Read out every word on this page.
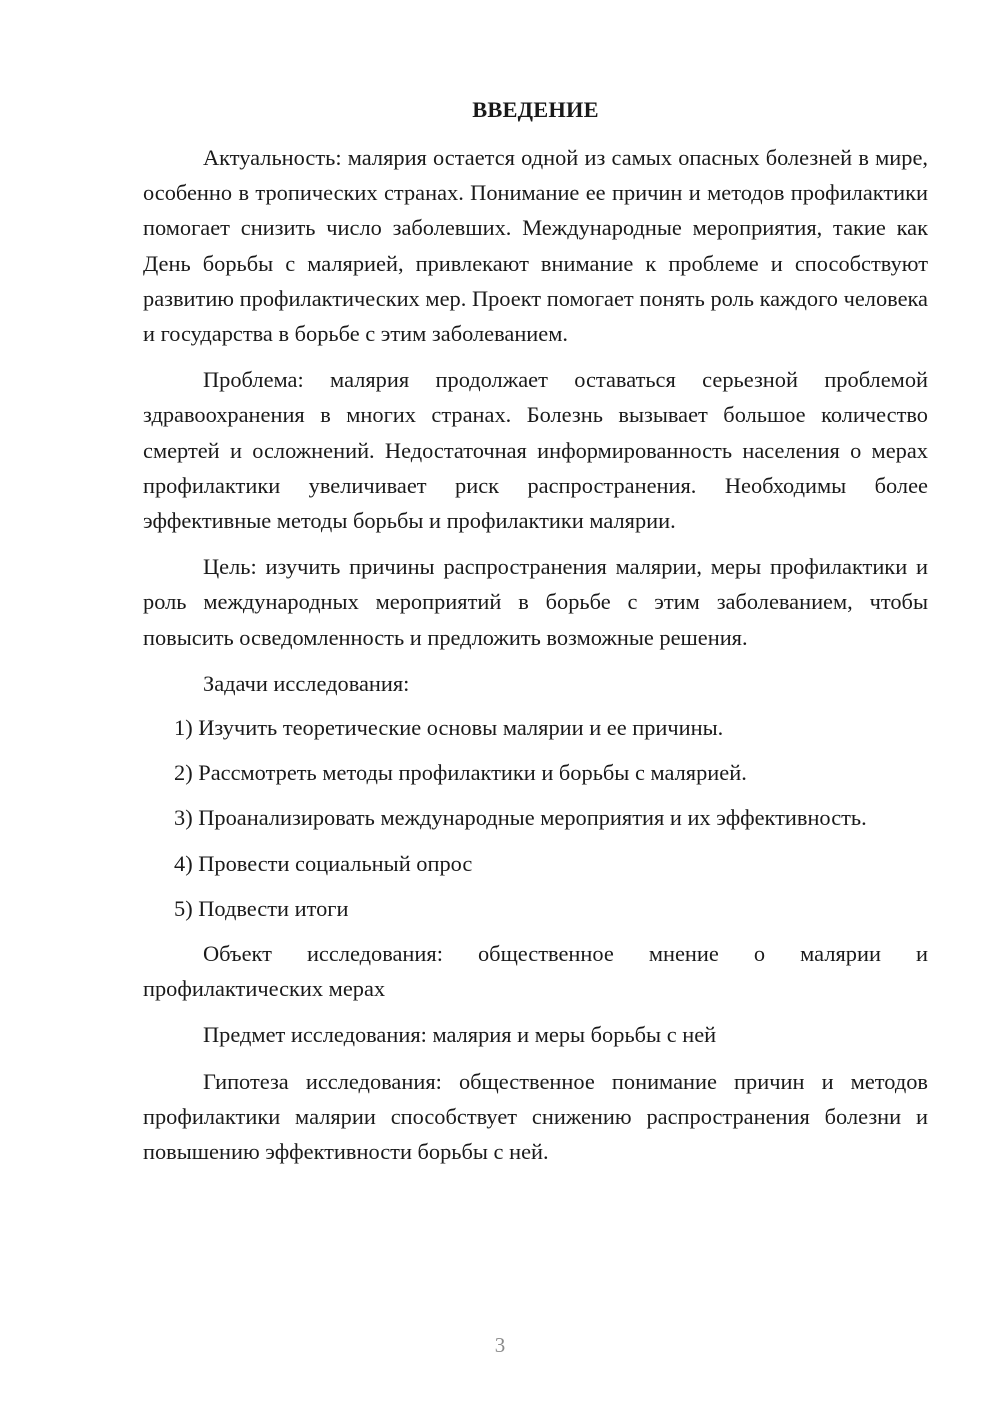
ВВЕДЕНИЕ

Актуальность: малярия остается одной из самых опасных болезней в мире, особенно в тропических странах. Понимание ее причин и методов профилактики помогает снизить число заболевших. Международные мероприятия, такие как День борьбы с малярией, привлекают внимание к проблеме и способствуют развитию профилактических мер. Проект помогает понять роль каждого человека и государства в борьбе с этим заболеванием.

Проблема: малярия продолжает оставаться серьезной проблемой здравоохранения в многих странах. Болезнь вызывает большое количество смертей и осложнений. Недостаточная информированность населения о мерах профилактики увеличивает риск распространения. Необходимы более эффективные методы борьбы и профилактики малярии.

Цель: изучить причины распространения малярии, меры профилактики и роль международных мероприятий в борьбе с этим заболеванием, чтобы повысить осведомленность и предложить возможные решения.

Задачи исследования:

1) Изучить теоретические основы малярии и ее причины.

2) Рассмотреть методы профилактики и борьбы с малярией.

3) Проанализировать международные мероприятия и их эффективность.

4) Провести социальный опрос

5) Подвести итоги

Объект исследования: общественное мнение о малярии и профилактических мерах

Предмет исследования: малярия и меры борьбы с ней

Гипотеза исследования: общественное понимание причин и методов профилактики малярии способствует снижению распространения болезни и повышению эффективности борьбы с ней.

3
